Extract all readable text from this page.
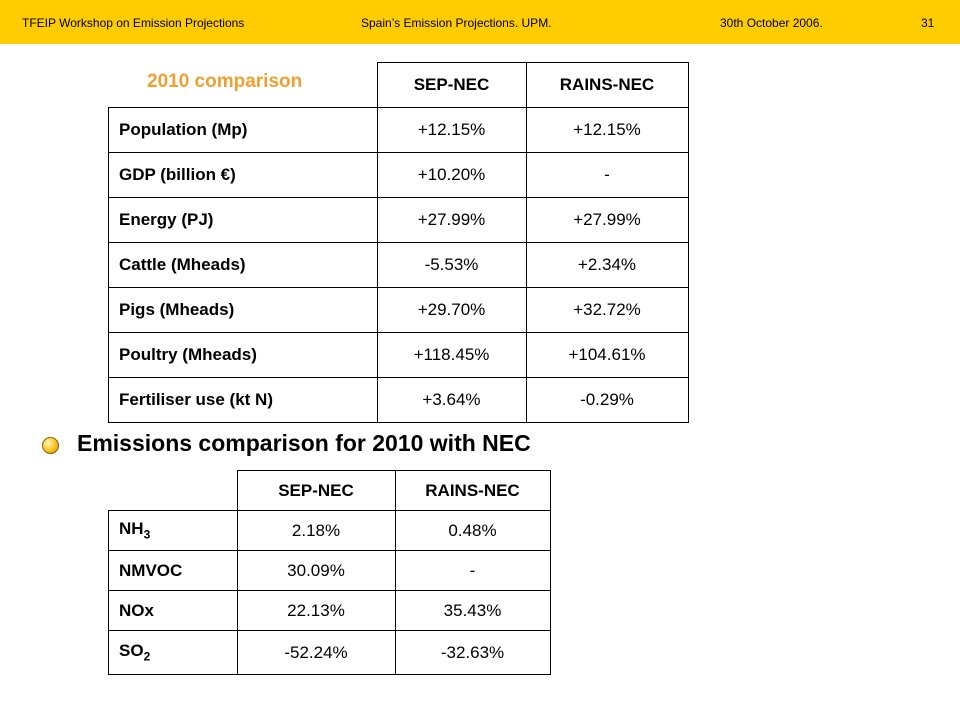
TFEIP Workshop on Emission Projections	Spain’s Emission Projections. UPM.	30th October 2006.	31
2010 comparison
		SEP-NEC	RAINS-NEC
Population (Mp)	+12.15%	+12.15%
GDP (billion €)	+10.20%	-
Energy (PJ)	+27.99%	+27.99%
Cattle (Mheads)	-5.53%	+2.34%
Pigs (Mheads)	+29.70%	+32.72%
Poultry (Mheads)	+118.45%	+104.61%
Fertiliser use (kt N)	+3.64%	-0.29%
Emissions comparison for 2010 with NEC
	SEP-NEC	RAINS-NEC
$NH_3$	2.18%	0.48%
NMVOC	30.09%	-
NOx	22.13%	35.43%
$SO_2$	-52.24%	-32.63%
